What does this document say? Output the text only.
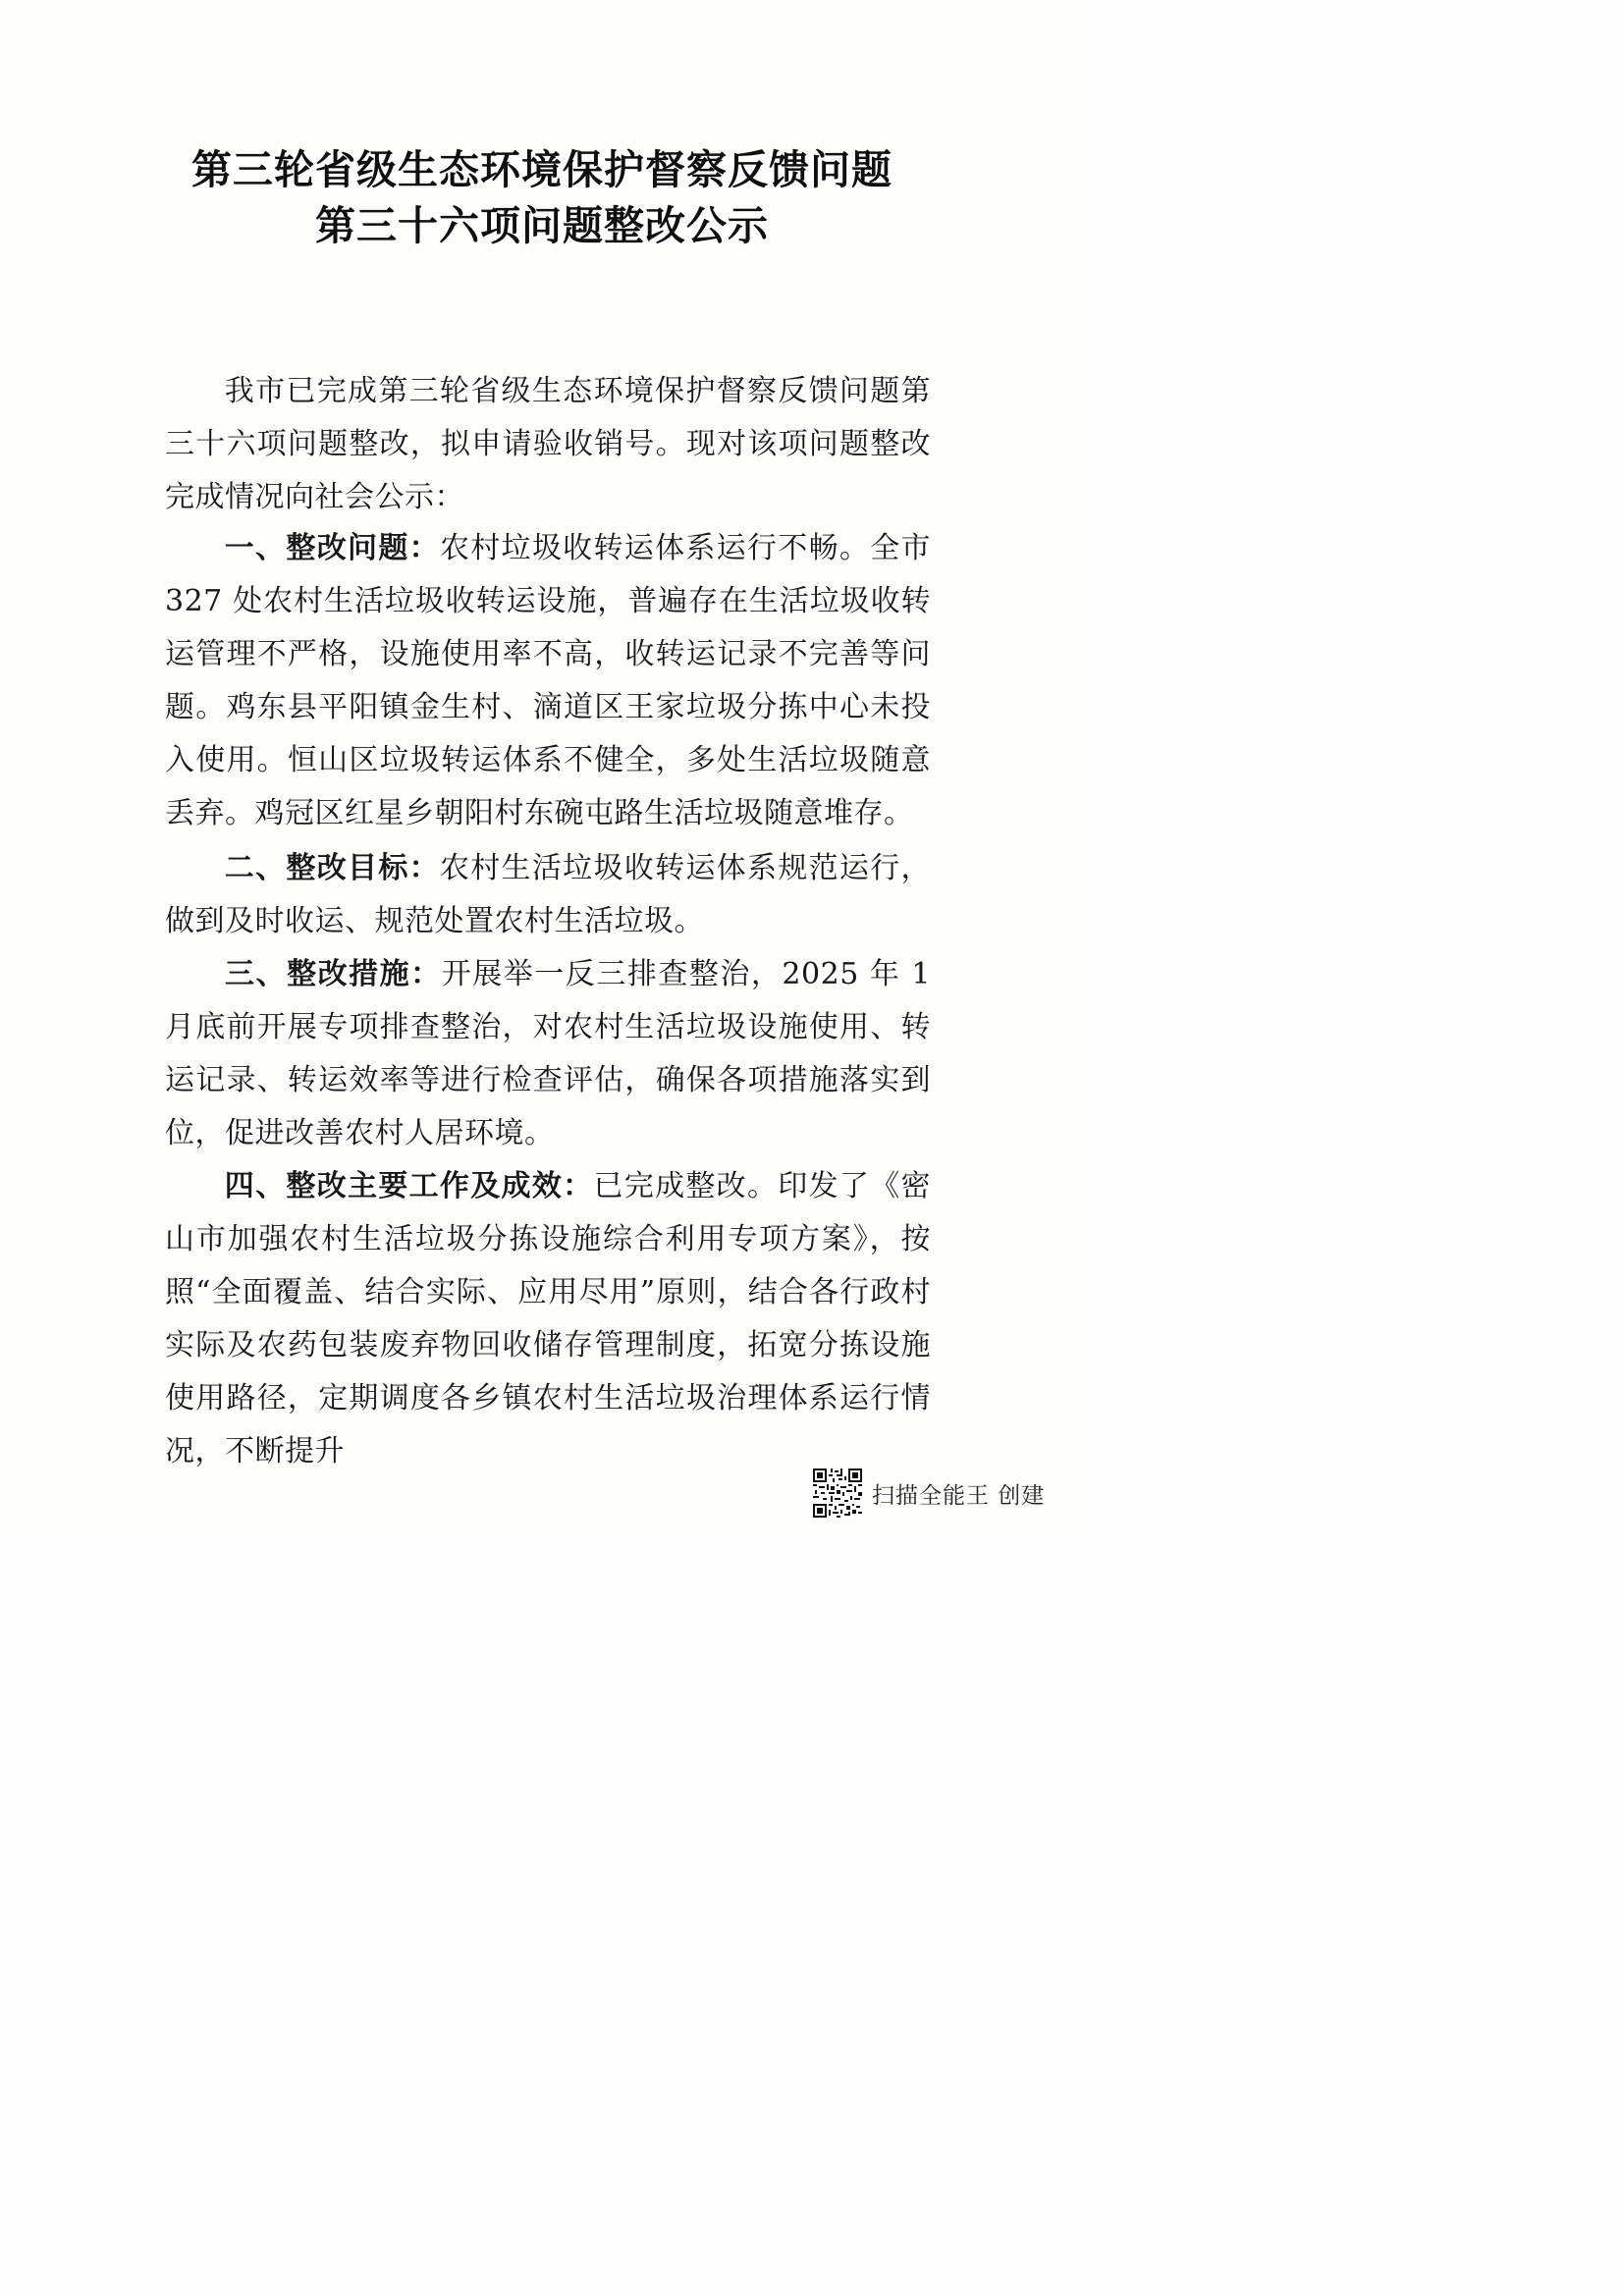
第三轮省级生态环境保护督察反馈问题
第三十六项问题整改公示
我市已完成第三轮省级生态环境保护督察反馈问题第三十六项问题整改，拟申请验收销号。现对该项问题整改完成情况向社会公示：
一、整改问题：农村垃圾收转运体系运行不畅。全市 327 处农村生活垃圾收转运设施，普遍存在生活垃圾收转运管理不严格，设施使用率不高，收转运记录不完善等问题。鸡东县平阳镇金生村、滴道区王家垃圾分拣中心未投入使用。恒山区垃圾转运体系不健全，多处生活垃圾随意丢弃。鸡冠区红星乡朝阳村东碗屯路生活垃圾随意堆存。
二、整改目标：农村生活垃圾收转运体系规范运行，做到及时收运、规范处置农村生活垃圾。
三、整改措施：开展举一反三排查整治，2025 年 1 月底前开展专项排查整治，对农村生活垃圾设施使用、转运记录、转运效率等进行检查评估，确保各项措施落实到位，促进改善农村人居环境。
四、整改主要工作及成效：已完成整改。印发了《密山市加强农村生活垃圾分拣设施综合利用专项方案》，按照“全面覆盖、结合实际、应用尽用”原则，结合各行政村实际及农药包装废弃物回收储存管理制度，拓宽分拣设施使用路径，定期调度各乡镇农村生活垃圾治理体系运行情况，不断提升
扫描全能王 创建
